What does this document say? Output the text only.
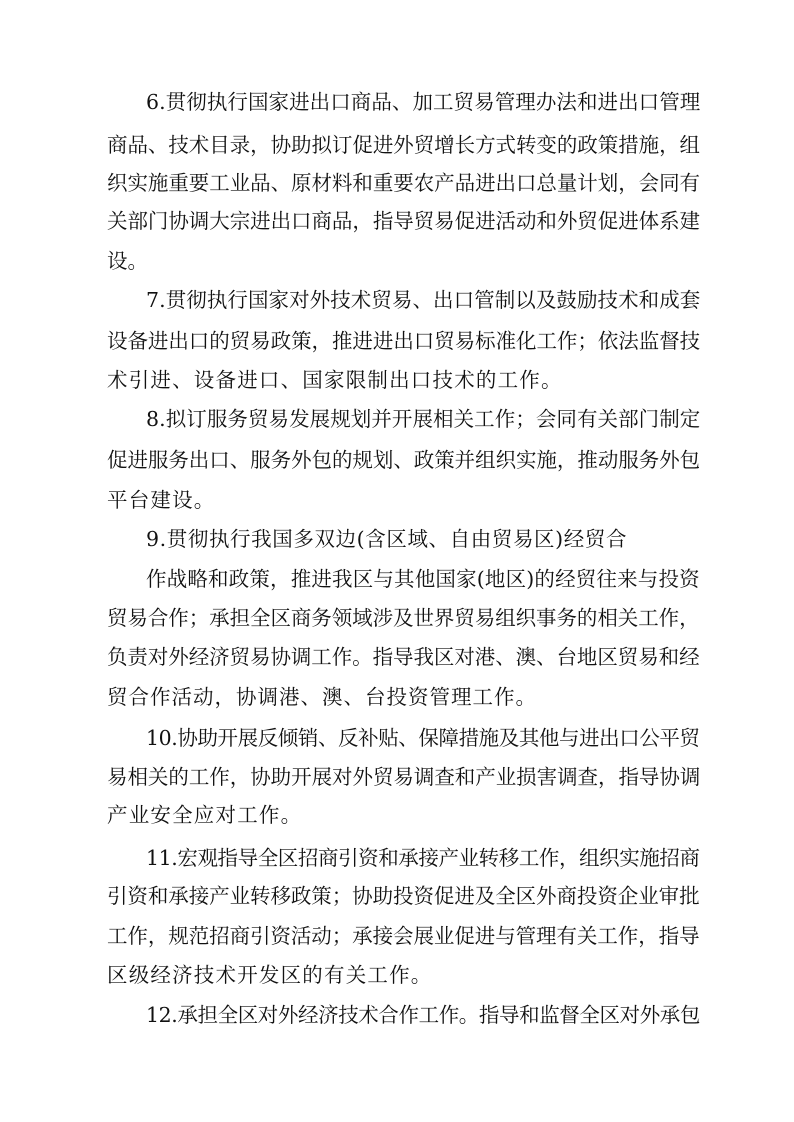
6.贯彻执行国家进出口商品、加工贸易管理办法和进出口管理
商品、技术目录，协助拟订促进外贸增长方式转变的政策措施，组
织实施重要工业品、原材料和重要农产品进出口总量计划，会同有
关部门协调大宗进出口商品，指导贸易促进活动和外贸促进体系建
设。
7.贯彻执行国家对外技术贸易、出口管制以及鼓励技术和成套
设备进出口的贸易政策，推进进出口贸易标准化工作；依法监督技
术引进、设备进口、国家限制出口技术的工作。
8.拟订服务贸易发展规划并开展相关工作；会同有关部门制定
促进服务出口、服务外包的规划、政策并组织实施，推动服务外包
平台建设。
9.贯彻执行我国多双边(含区域、自由贸易区)经贸合
作战略和政策，推进我区与其他国家(地区)的经贸往来与投资
贸易合作；承担全区商务领域涉及世界贸易组织事务的相关工作，
负责对外经济贸易协调工作。指导我区对港、澳、台地区贸易和经
贸合作活动，协调港、澳、台投资管理工作。
10.协助开展反倾销、反补贴、保障措施及其他与进出口公平贸
易相关的工作，协助开展对外贸易调查和产业损害调查，指导协调
产业安全应对工作。
11.宏观指导全区招商引资和承接产业转移工作，组织实施招商
引资和承接产业转移政策；协助投资促进及全区外商投资企业审批
工作，规范招商引资活动；承接会展业促进与管理有关工作，指导
区级经济技术开发区的有关工作。
12.承担全区对外经济技术合作工作。指导和监督全区对外承包
